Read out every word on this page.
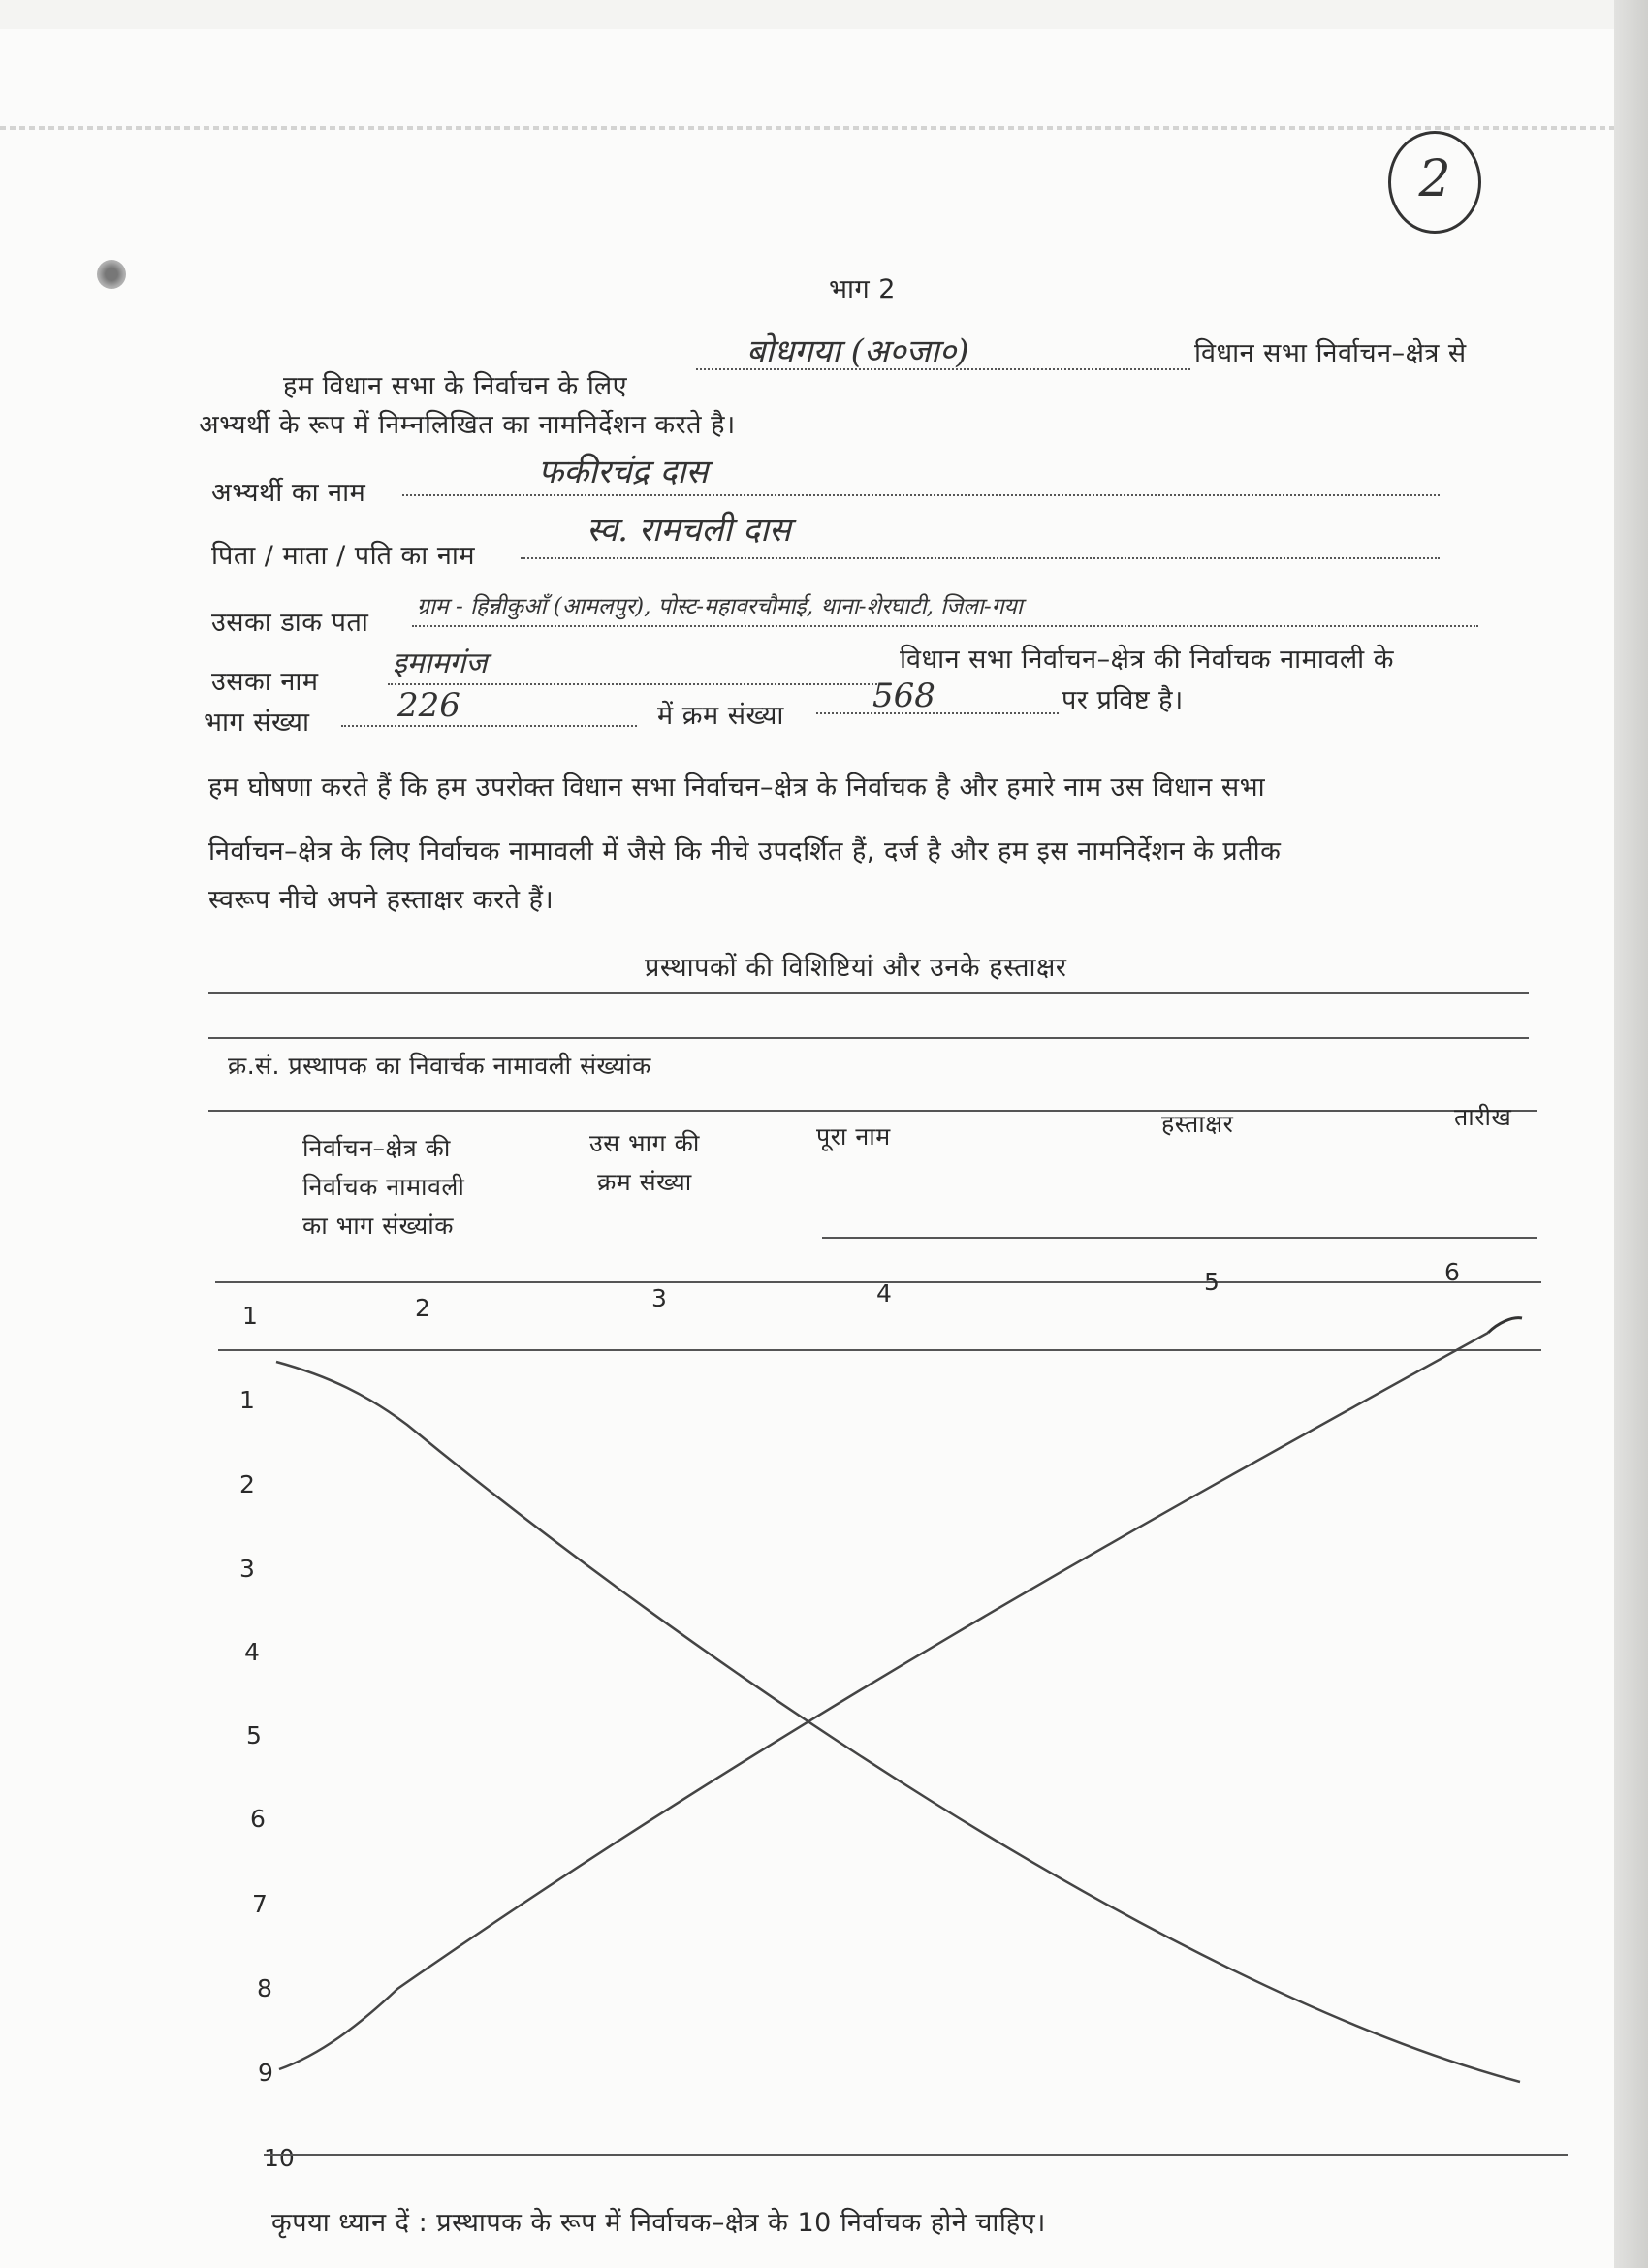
2
भाग 2
हम विधान सभा के निर्वाचन के लिए
बोधगया (अ०जा०)	विधान सभा निर्वाचन–क्षेत्र से
अभ्यर्थी के रूप में निम्नलिखित का नामनिर्देशन करते है।
अभ्यर्थी का नाम
फकीरचंद्र दास
पिता / माता / पति का नाम
स्व. रामचली दास
उसका डाक पता
ग्राम - हिन्नीकुआँ (आमलपुर), पोस्ट-महावरचौमाई, थाना-शेरघाटी, जिला-गया
उसका नाम
इमामगंज	विधान सभा निर्वाचन–क्षेत्र की निर्वाचक नामावली के
भाग संख्या	226	में क्रम संख्या
568	पर प्रविष्ट है।
हम घोषणा करते हैं कि हम उपरोक्त विधान सभा निर्वाचन–क्षेत्र के निर्वाचक है और हमारे नाम उस विधान सभा
निर्वाचन–क्षेत्र के लिए निर्वाचक नामावली में जैसे कि नीचे उपदर्शित हैं, दर्ज है और हम इस नामनिर्देशन के प्रतीक
स्वरूप नीचे अपने हस्ताक्षर करते हैं।
प्रस्थापकों की विशिष्टियां और उनके हस्ताक्षर
क्र.सं. प्रस्थापक का निवार्चक नामावली संख्यांक
निर्वाचन–क्षेत्र की
निर्वाचक नामावली
का भाग संख्यांक
उस भाग की
क्रम संख्या
पूरा नाम	हस्ताक्षर	तारीख
1	2	3	4	5	6
1
2
3
4
5
6
7
8
9
10
कृपया ध्यान दें : प्रस्थापक के रूप में निर्वाचक–क्षेत्र के 10 निर्वाचक होने चाहिए।
